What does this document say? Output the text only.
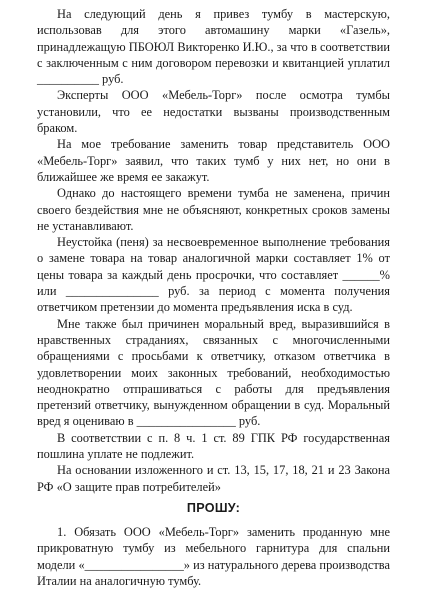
На следующий день я привез тумбу в мастерскую, использовав для этого автомашину марки «Газель», принадлежащую ПБОЮЛ Викторенко И.Ю., за что в соответствии с заключенным с ним договором перевозки и квитанцией уплатил __________ руб.

Эксперты ООО «Мебель-Торг» после осмотра тумбы установили, что ее недостатки вызваны производственным браком.

На мое требование заменить товар представитель ООО «Мебель-Торг» заявил, что таких тумб у них нет, но они в ближайшее же время ее закажут.

Однако до настоящего времени тумба не заменена, причин своего бездействия мне не объясняют, конкретных сроков замены не устанавливают.

Неустойка (пеня) за несвоевременное выполнение требования о замене товара на товар аналогичной марки составляет 1% от цены товара за каждый день просрочки, что составляет ______% или _______________ руб. за период с момента получения ответчиком претензии до момента предъявления иска в суд.

Мне также был причинен моральный вред, выразившийся в нравственных страданиях, связанных с многочисленными обращениями с просьбами к ответчику, отказом ответчика в удовлетворении моих законных требований, необходимостью неоднократно отпрашиваться с работы для предъявления претензий ответчику, вынужденном обращении в суд. Моральный вред я оцениваю в ________________ руб.

В соответствии с п. 8 ч. 1 ст. 89 ГПК РФ государственная пошлина уплате не подлежит.

На основании изложенного и ст. 13, 15, 17, 18, 21 и 23 Закона РФ «О защите прав потребителей»

ПРОШУ:

1. Обязать ООО «Мебель-Торг» заменить проданную мне прикроватную тумбу из мебельного гарнитура для спальни модели «________________» из натурального дерева производства Италии на аналогичную тумбу.
